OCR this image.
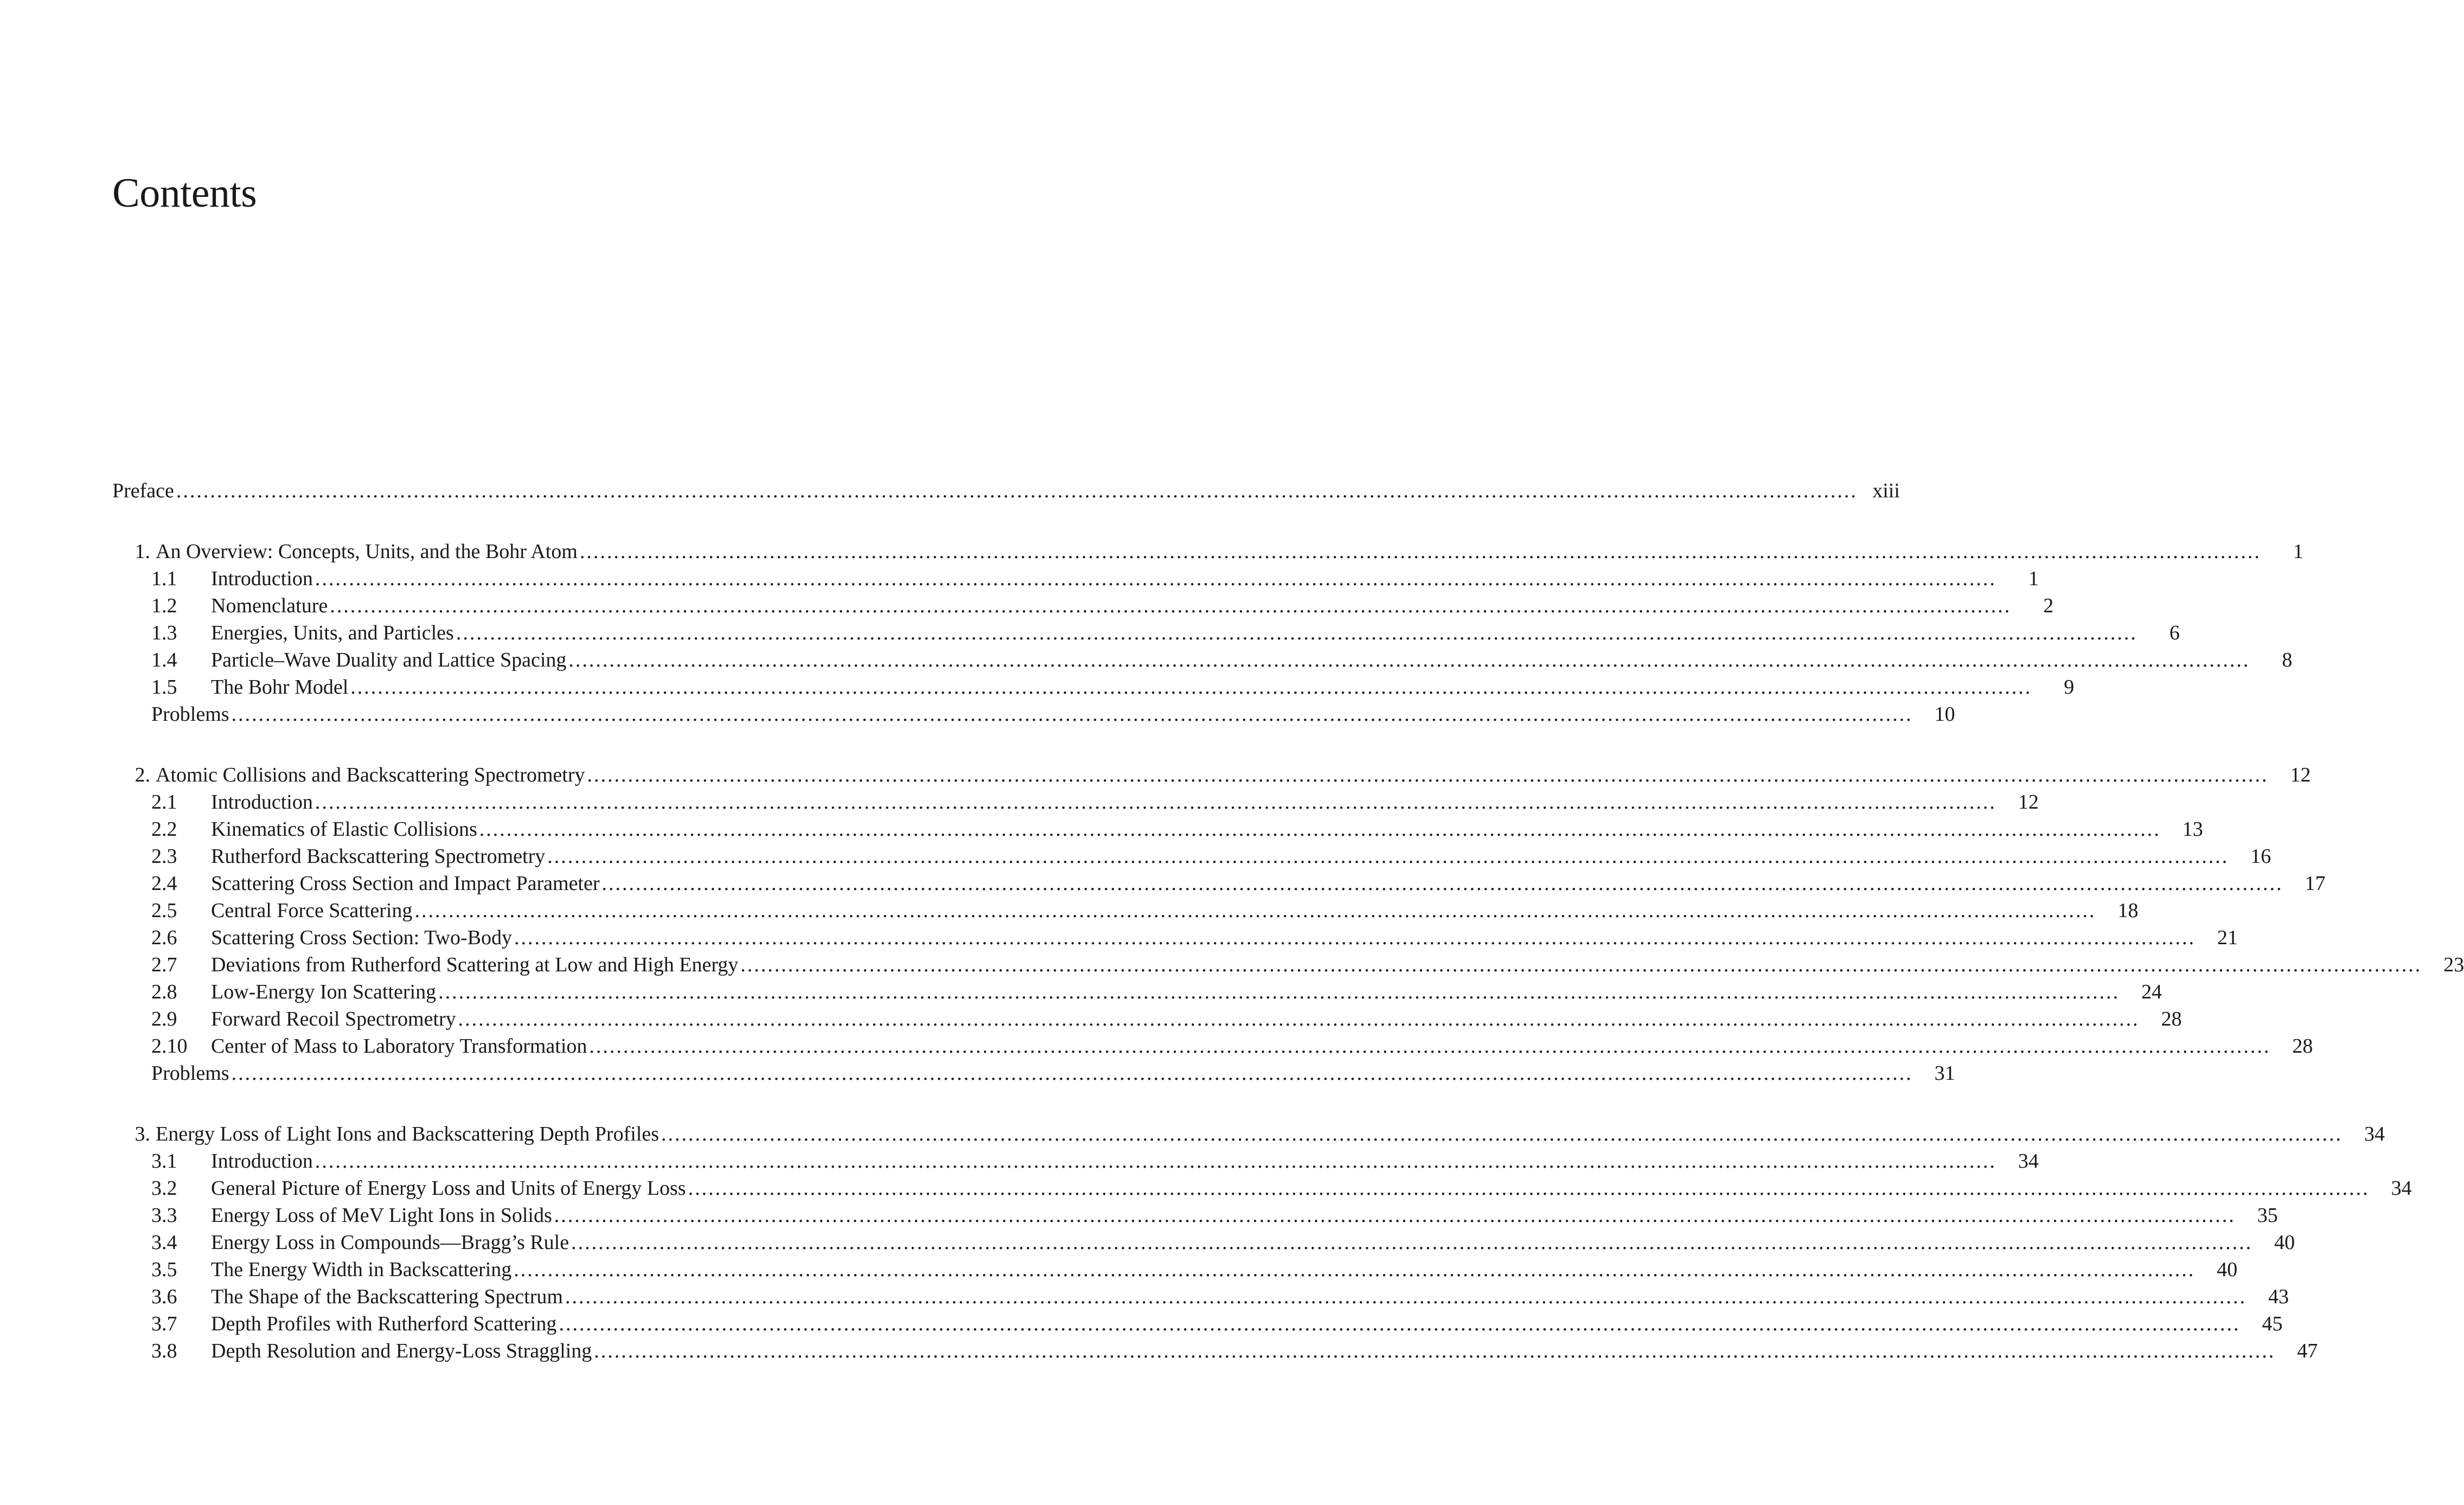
Contents
Preface .....	xiii
1. An Overview: Concepts, Units, and the Bohr Atom .....	1
1.1	Introduction .....	1
1.2	Nomenclature .....	2
1.3	Energies, Units, and Particles .....	6
1.4	Particle–Wave Duality and Lattice Spacing .....	8
1.5	The Bohr Model .....	9
Problems .....	10
2. Atomic Collisions and Backscattering Spectrometry .....	12
2.1	Introduction .....	12
2.2	Kinematics of Elastic Collisions .....	13
2.3	Rutherford Backscattering Spectrometry .....	16
2.4	Scattering Cross Section and Impact Parameter .....	17
2.5	Central Force Scattering .....	18
2.6	Scattering Cross Section: Two-Body .....	21
2.7	Deviations from Rutherford Scattering at Low and High Energy .....	23
2.8	Low-Energy Ion Scattering .....	24
2.9	Forward Recoil Spectrometry .....	28
2.10	Center of Mass to Laboratory Transformation .....	28
Problems .....	31
3. Energy Loss of Light Ions and Backscattering Depth Profiles .....	34
3.1	Introduction .....	34
3.2	General Picture of Energy Loss and Units of Energy Loss .....	34
3.3	Energy Loss of MeV Light Ions in Solids .....	35
3.4	Energy Loss in Compounds—Bragg’s Rule .....	40
3.5	The Energy Width in Backscattering .....	40
3.6	The Shape of the Backscattering Spectrum .....	43
3.7	Depth Profiles with Rutherford Scattering .....	45
3.8	Depth Resolution and Energy-Loss Straggling .....	47
